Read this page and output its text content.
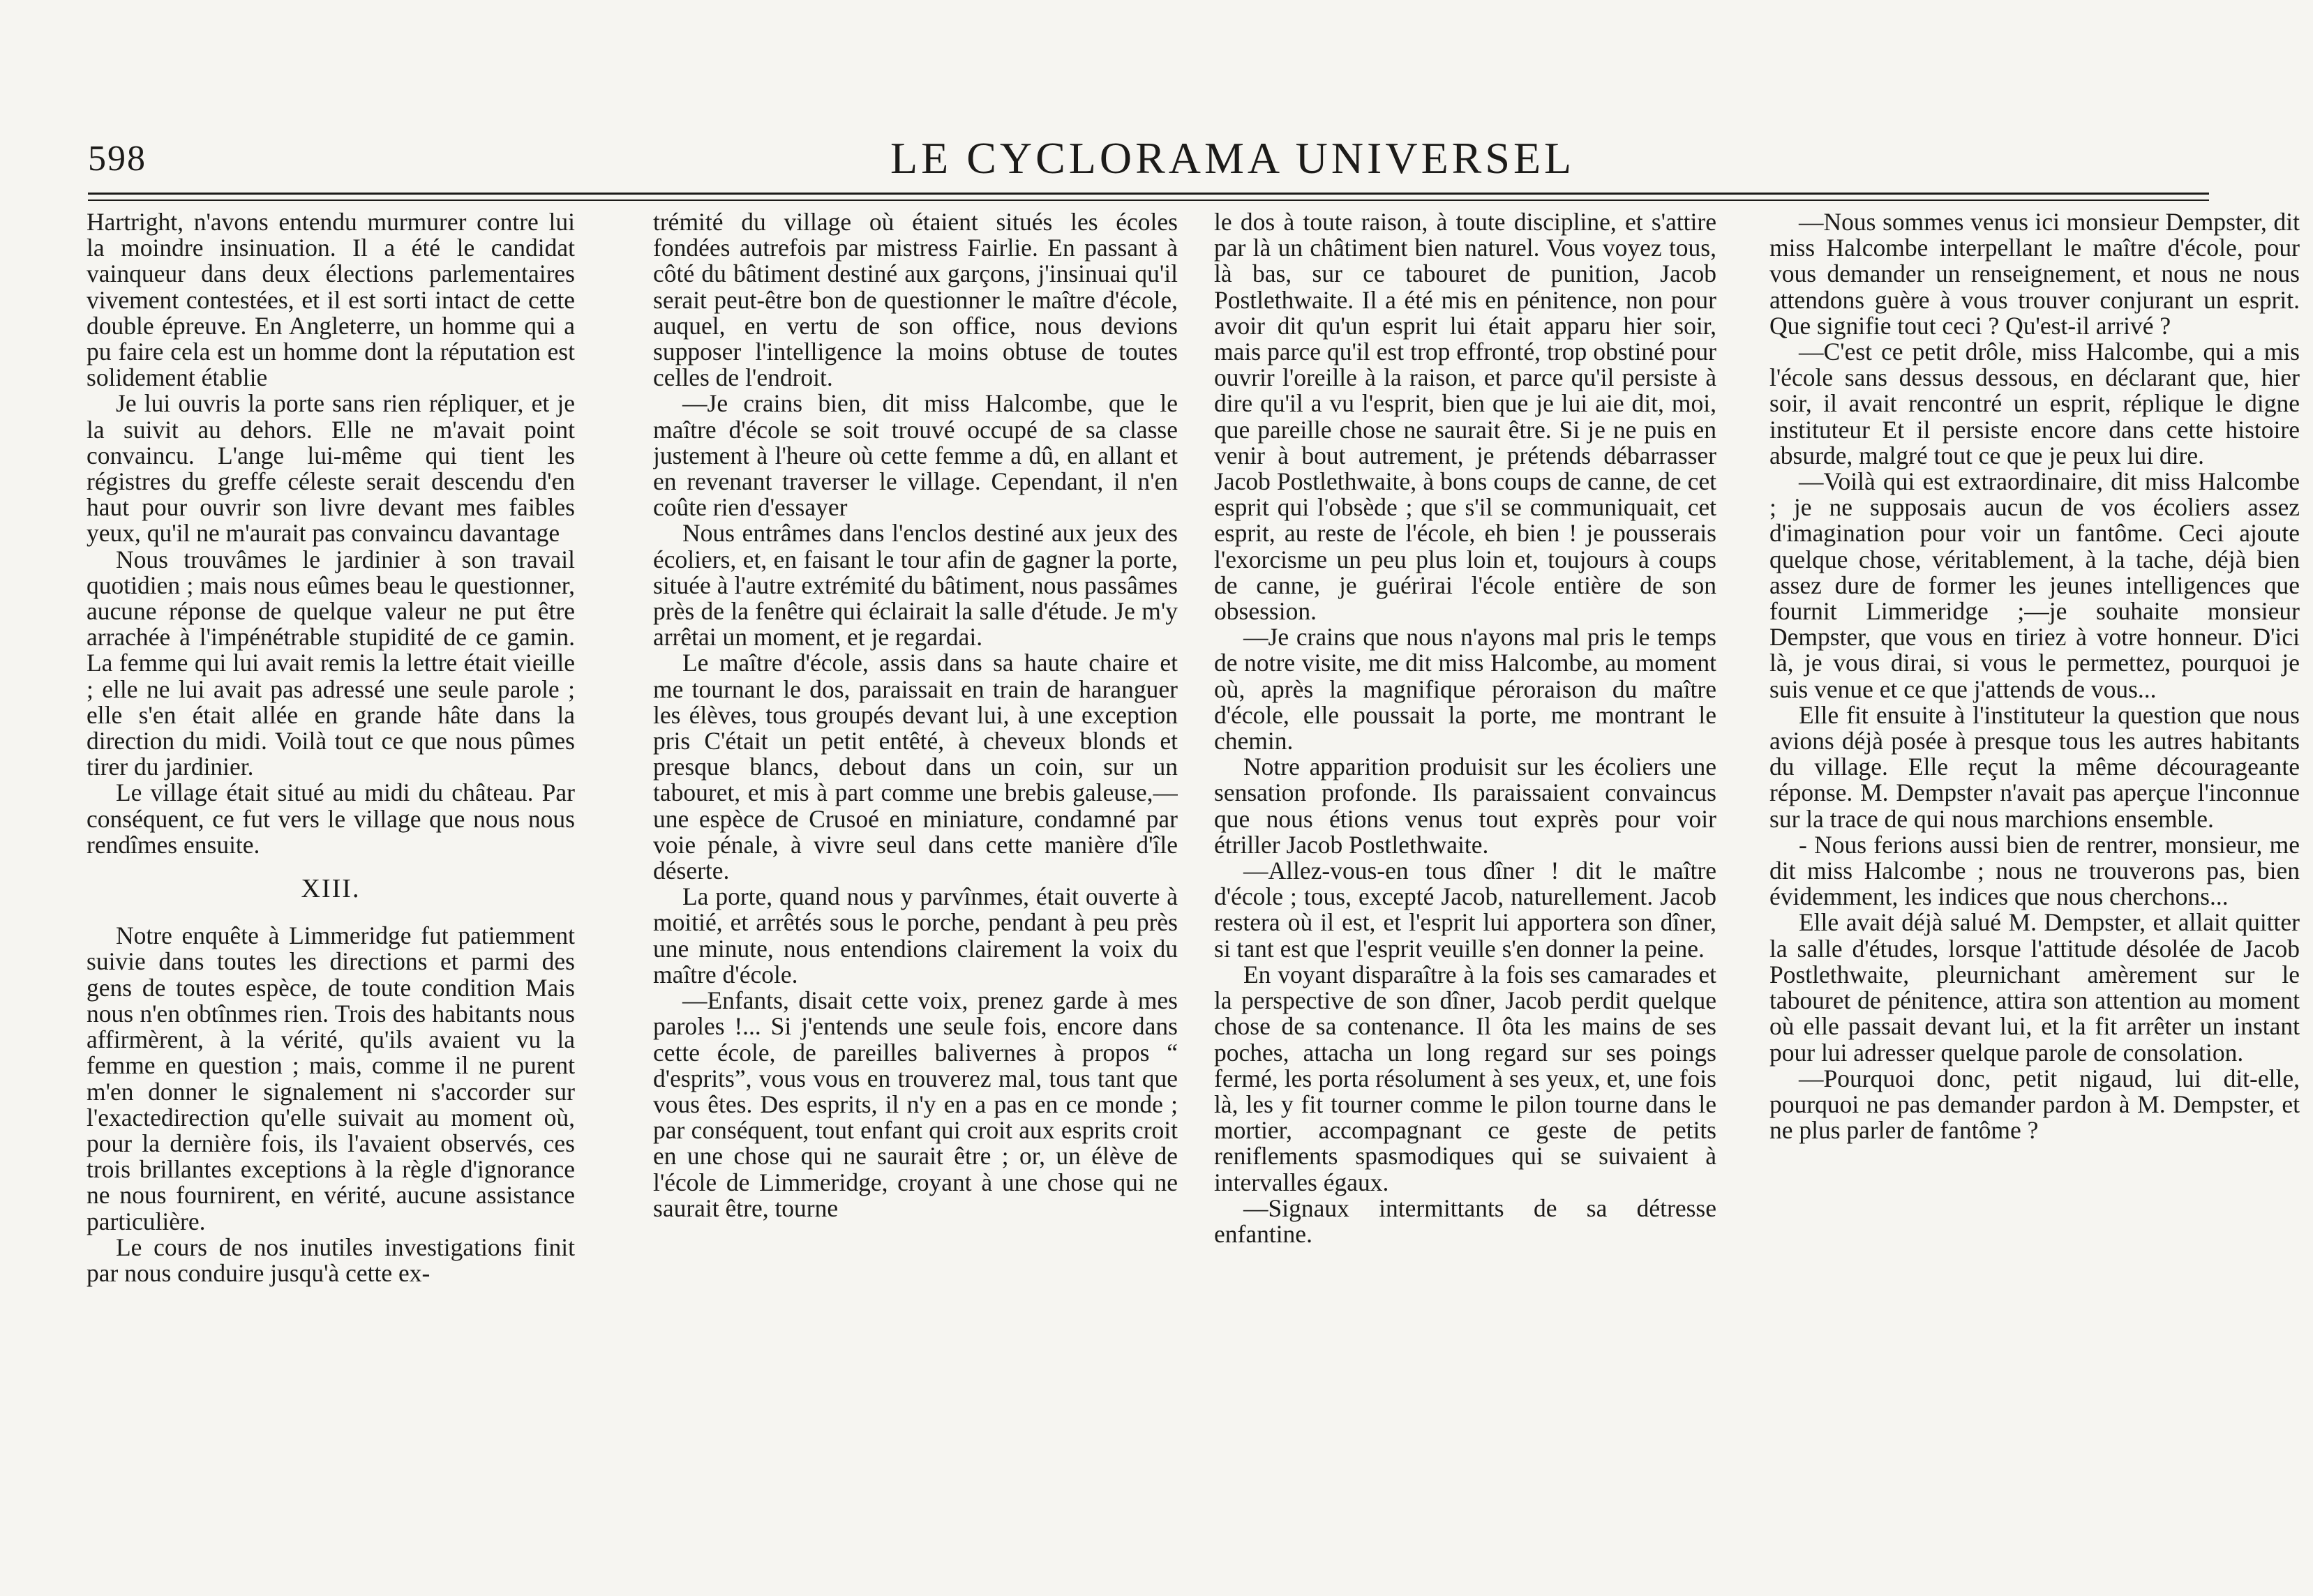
598	LE CYCLORAMA UNIVERSEL

Hartright, n'avons entendu murmurer contre lui la moindre insinuation. Il a été le candidat vainqueur dans deux élections parlementaires vivement contestées, et il est sorti intact de cette double épreuve. En Angleterre, un homme qui a pu faire cela est un homme dont la réputation est solidement établie

Je lui ouvris la porte sans rien répliquer, et je la suivit au dehors. Elle ne m'avait point convaincu. L'ange lui-même qui tient les régistres du greffe céleste serait descendu d'en haut pour ouvrir son livre devant mes faibles yeux, qu'il ne m'aurait pas convaincu davantage

Nous trouvâmes le jardinier à son travail quotidien ; mais nous eûmes beau le questionner, aucune réponse de quelque valeur ne put être arrachée à l'impénétrable stupidité de ce gamin. La femme qui lui avait remis la lettre était vieille ; elle ne lui avait pas adressé une seule parole ; elle s'en était allée en grande hâte dans la direction du midi. Voilà tout ce que nous pûmes tirer du jardinier.

Le village était situé au midi du château. Par conséquent, ce fut vers le village que nous nous rendîmes ensuite.

XIII.

Notre enquête à Limmeridge fut patiemment suivie dans toutes les directions et parmi des gens de toutes espèce, de toute condition Mais nous n'en obtînmes rien. Trois des habitants nous affirmèrent, à la vérité, qu'ils avaient vu la femme en question ; mais, comme il ne purent m'en donner le signalement ni s'accorder sur l'exactedirection qu'elle suivait au moment où, pour la dernière fois, ils l'avaient observés, ces trois brillantes exceptions à la règle d'ignorance ne nous fournirent, en vérité, aucune assistance particulière.

Le cours de nos inutiles investigations finit par nous conduire jusqu'à cette ex-

trémité du village où étaient situés les écoles fondées autrefois par mistress Fairlie. En passant à côté du bâtiment destiné aux garçons, j'insinuai qu'il serait peut-être bon de questionner le maître d'école, auquel, en vertu de son office, nous devions supposer l'intelligence la moins obtuse de toutes celles de l'endroit.

—Je crains bien, dit miss Halcombe, que le maître d'école se soit trouvé occupé de sa classe justement à l'heure où cette femme a dû, en allant et en revenant traverser le village. Cependant, il n'en coûte rien d'essayer

Nous entrâmes dans l'enclos destiné aux jeux des écoliers, et, en faisant le tour afin de gagner la porte, située à l'autre extrémité du bâtiment, nous passâmes près de la fenêtre qui éclairait la salle d'étude. Je m'y arrêtai un moment, et je regardai.

Le maître d'école, assis dans sa haute chaire et me tournant le dos, paraissait en train de haranguer les élèves, tous groupés devant lui, à une exception pris C'était un petit entêté, à cheveux blonds et presque blancs, debout dans un coin, sur un tabouret, et mis à part comme une brebis galeuse,—une espèce de Crusoé en miniature, condamné par voie pénale, à vivre seul dans cette manière d'île déserte.

La porte, quand nous y parvînmes, était ouverte à moitié, et arrêtés sous le porche, pendant à peu près une minute, nous entendions clairement la voix du maître d'école.

—Enfants, disait cette voix, prenez garde à mes paroles !... Si j'entends une seule fois, encore dans cette école, de pareilles balivernes à propos “ d'esprits”, vous vous en trouverez mal, tous tant que vous êtes. Des esprits, il n'y en a pas en ce monde ; par conséquent, tout enfant qui croit aux esprits croit en une chose qui ne saurait être ; or, un élève de l'école de Limmeridge, croyant à une chose qui ne saurait être, tourne

le dos à toute raison, à toute discipline, et s'attire par là un châtiment bien naturel. Vous voyez tous, là bas, sur ce tabouret de punition, Jacob Postlethwaite. Il a été mis en pénitence, non pour avoir dit qu'un esprit lui était apparu hier soir, mais parce qu'il est trop effronté, trop obstiné pour ouvrir l'oreille à la raison, et parce qu'il persiste à dire qu'il a vu l'esprit, bien que je lui aie dit, moi, que pareille chose ne saurait être. Si je ne puis en venir à bout autrement, je prétends débarrasser Jacob Postlethwaite, à bons coups de canne, de cet esprit qui l'obsède ; que s'il se communiquait, cet esprit, au reste de l'école, eh bien ! je pousserais l'exorcisme un peu plus loin et, toujours à coups de canne, je guérirai l'école entière de son obsession.

—Je crains que nous n'ayons mal pris le temps de notre visite, me dit miss Halcombe, au moment où, après la magnifique péroraison du maître d'école, elle poussait la porte, me montrant le chemin.

Notre apparition produisit sur les écoliers une sensation profonde. Ils paraissaient convaincus que nous étions venus tout exprès pour voir étriller Jacob Postlethwaite.

—Allez-vous-en tous dîner ! dit le maître d'école ; tous, excepté Jacob, naturellement. Jacob restera où il est, et l'esprit lui apportera son dîner, si tant est que l'esprit veuille s'en donner la peine.

En voyant disparaître à la fois ses camarades et la perspective de son dîner, Jacob perdit quelque chose de sa contenance. Il ôta les mains de ses poches, attacha un long regard sur ses poings fermé, les porta résolument à ses yeux, et, une fois là, les y fit tourner comme le pilon tourne dans le mortier, accompagnant ce geste de petits reniflements spasmodiques qui se suivaient à intervalles égaux.

—Signaux intermittants de sa détresse enfantine.

—Nous sommes venus ici monsieur Dempster, dit miss Halcombe interpellant le maître d'école, pour vous demander un renseignement, et nous ne nous attendons guère à vous trouver conjurant un esprit. Que signifie tout ceci ? Qu'est-il arrivé ?

—C'est ce petit drôle, miss Halcombe, qui a mis l'école sans dessus dessous, en déclarant que, hier soir, il avait rencontré un esprit, réplique le digne instituteur Et il persiste encore dans cette histoire absurde, malgré tout ce que je peux lui dire.

—Voilà qui est extraordinaire, dit miss Halcombe ; je ne supposais aucun de vos écoliers assez d'imagination pour voir un fantôme. Ceci ajoute quelque chose, véritablement, à la tache, déjà bien assez dure de former les jeunes intelligences que fournit Limmeridge ;—je souhaite monsieur Dempster, que vous en tiriez à votre honneur. D'ici là, je vous dirai, si vous le permettez, pourquoi je suis venue et ce que j'attends de vous...

Elle fit ensuite à l'instituteur la question que nous avions déjà posée à presque tous les autres habitants du village. Elle reçut la même décourageante réponse. M. Dempster n'avait pas aperçue l'inconnue sur la trace de qui nous marchions ensemble.

- Nous ferions aussi bien de rentrer, monsieur, me dit miss Halcombe ; nous ne trouverons pas, bien évidemment, les indices que nous cherchons...

Elle avait déjà salué M. Dempster, et allait quitter la salle d'études, lorsque l'attitude désolée de Jacob Postlethwaite, pleurnichant amèrement sur le tabouret de pénitence, attira son attention au moment où elle passait devant lui, et la fit arrêter un instant pour lui adresser quelque parole de consolation.

—Pourquoi donc, petit nigaud, lui dit-elle, pourquoi ne pas demander pardon à M. Dempster, et ne plus parler de fantôme ?
